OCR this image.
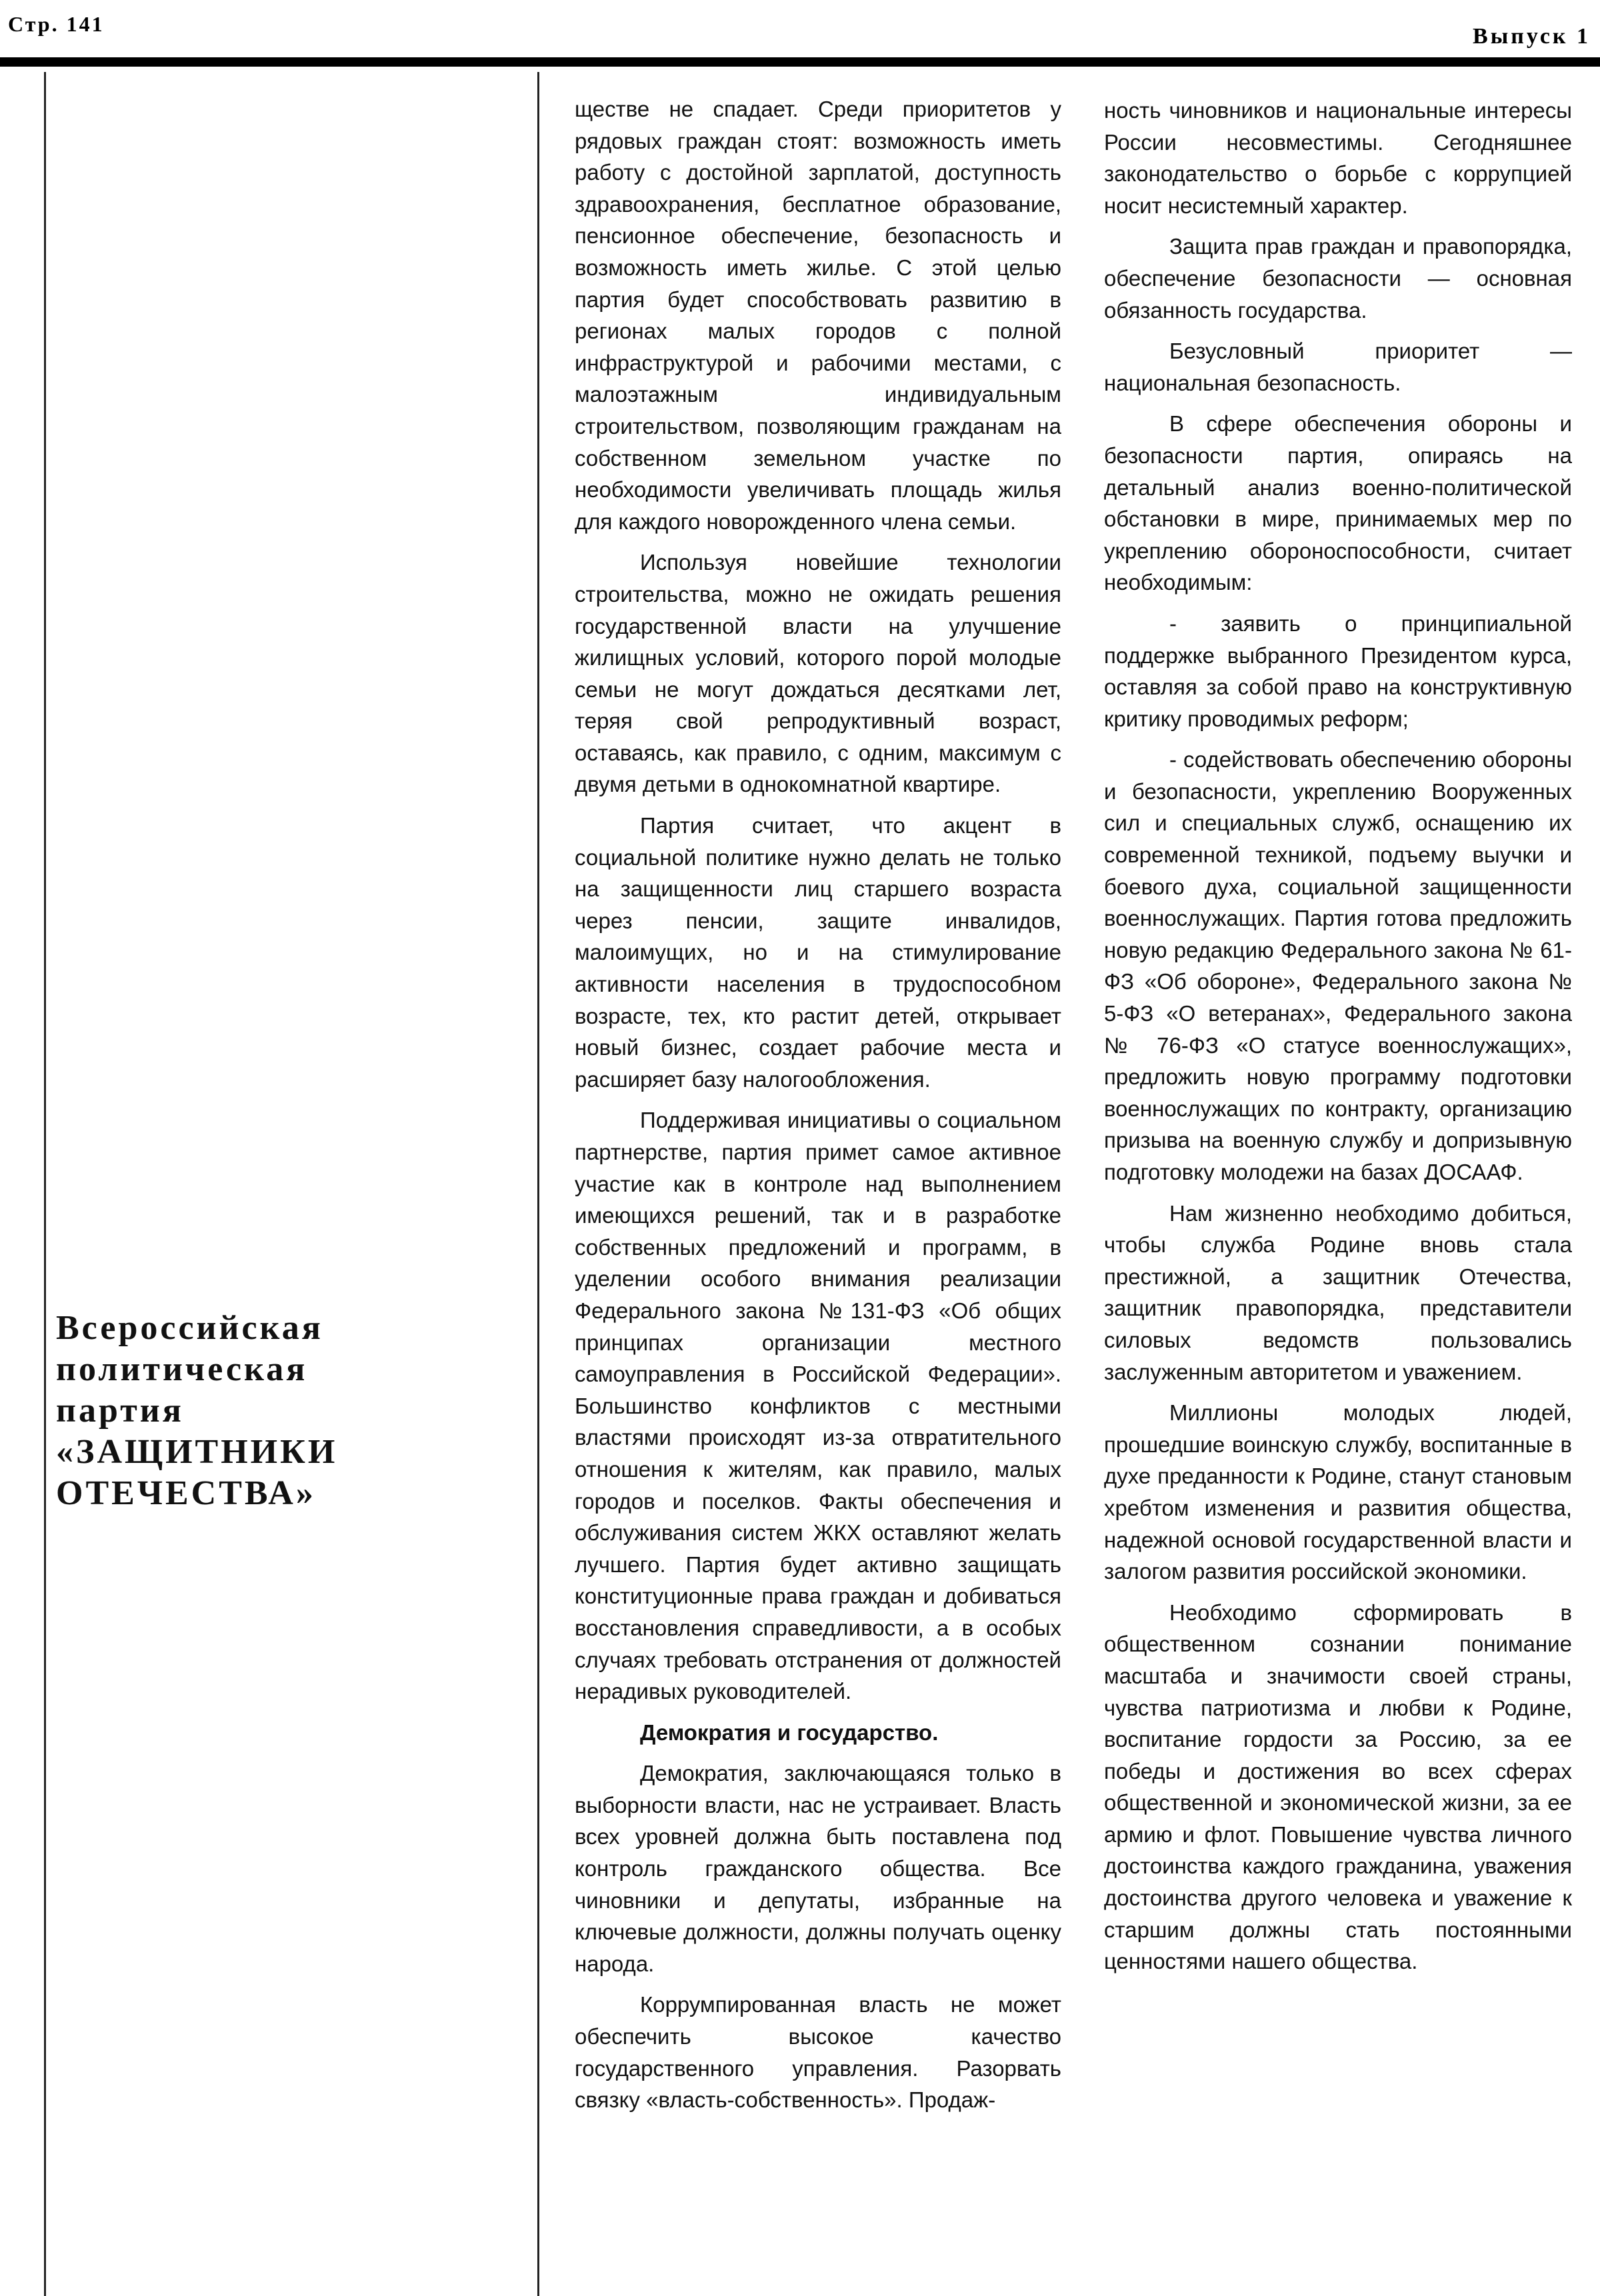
Стр. 141	Выпуск 1
Всероссийская
политическая
партия
«ЗАЩИТНИКИ
ОТЕЧЕСТВА»

ществе не спадает. Среди приоритетов у рядовых граждан стоят: возможность иметь работу с достойной зарплатой, доступность здравоохранения, бесплатное образование, пенсионное обеспечение, безопасность и возможность иметь жилье. С этой целью партия будет способствовать развитию в регионах малых городов с полной инфраструктурой и рабочими местами, с малоэтажным индивидуальным строительством, позволяющим гражданам на собственном земельном участке по необходимости увеличивать площадь жилья для каждого новорожденного члена семьи.

Используя новейшие технологии строительства, можно не ожидать решения государственной власти на улучшение жилищных условий, которого порой молодые семьи не могут дождаться десятками лет, теряя свой репродуктивный возраст, оставаясь, как правило, с одним, максимум с двумя детьми в однокомнатной квартире.

Партия считает, что акцент в социальной политике нужно делать не только на защищенности лиц старшего возраста через пенсии, защите инвалидов, малоимущих, но и на стимулирование активности населения в трудоспособном возрасте, тех, кто растит детей, открывает новый бизнес, создает рабочие места и расширяет базу налогообложения.

Поддерживая инициативы о социальном партнерстве, партия примет самое активное участие как в контроле над выполнением имеющихся решений, так и в разработке собственных предложений и программ, в уделении особого внимания реализации Федерального закона №131-ФЗ «Об общих принципах организации местного самоуправления в Российской Федерации». Большинство конфликтов с местными властями происходят из-за отвратительного отношения к жителям, как правило, малых городов и поселков. Факты обеспечения и обслуживания систем ЖКХ оставляют желать лучшего. Партия будет активно защищать конституционные права граждан и добиваться восстановления справедливости, а в особых случаях требовать отстранения от должностей нерадивых руководителей.

Демократия и государство.

Демократия, заключающаяся только в выборности власти, нас не устраивает. Власть всех уровней должна быть поставлена под контроль гражданского общества. Все чиновники и депутаты, избранные на ключевые должности, должны получать оценку народа.

Коррумпированная власть не может обеспечить высокое качество государственного управления. Разорвать связку «власть-собственность». Продаж-

ность чиновников и национальные интересы России несовместимы. Сегодняшнее законодательство о борьбе с коррупцией носит несистемный характер.

Защита прав граждан и правопорядка, обеспечение безопасности — основная обязанность государства.

Безусловный приоритет — национальная безопасность.

В сфере обеспечения обороны и безопасности партия, опираясь на детальный анализ военно-политической обстановки в мире, принимаемых мер по укреплению обороноспособности, считает необходимым:

- заявить о принципиальной поддержке выбранного Президентом курса, оставляя за собой право на конструктивную критику проводимых реформ;

- содействовать обеспечению обороны и безопасности, укреплению Вооруженных сил и специальных служб, оснащению их современной техникой, подъему выучки и боевого духа, социальной защищенности военнослужащих. Партия готова предложить новую редакцию Федерального закона № 61-ФЗ «Об обороне», Федерального закона № 5-ФЗ «О ветеранах», Федерального закона № 76-ФЗ «О статусе военнослужащих», предложить новую программу подготовки военнослужащих по контракту, организацию призыва на военную службу и допризывную подготовку молодежи на базах ДОСААФ.

Нам жизненно необходимо добиться, чтобы служба Родине вновь стала престижной, а защитник Отечества, защитник правопорядка, представители силовых ведомств пользовались заслуженным авторитетом и уважением.

Миллионы молодых людей, прошедшие воинскую службу, воспитанные в духе преданности к Родине, станут становым хребтом изменения и развития общества, надежной основой государственной власти и залогом развития российской экономики.

Необходимо сформировать в общественном сознании понимание масштаба и значимости своей страны, чувства патриотизма и любви к Родине, воспитание гордости за Россию, за ее победы и достижения во всех сферах общественной и экономической жизни, за ее армию и флот. Повышение чувства личного достоинства каждого гражданина, уважения достоинства другого человека и уважение к старшим должны стать постоянными ценностями нашего общества.
